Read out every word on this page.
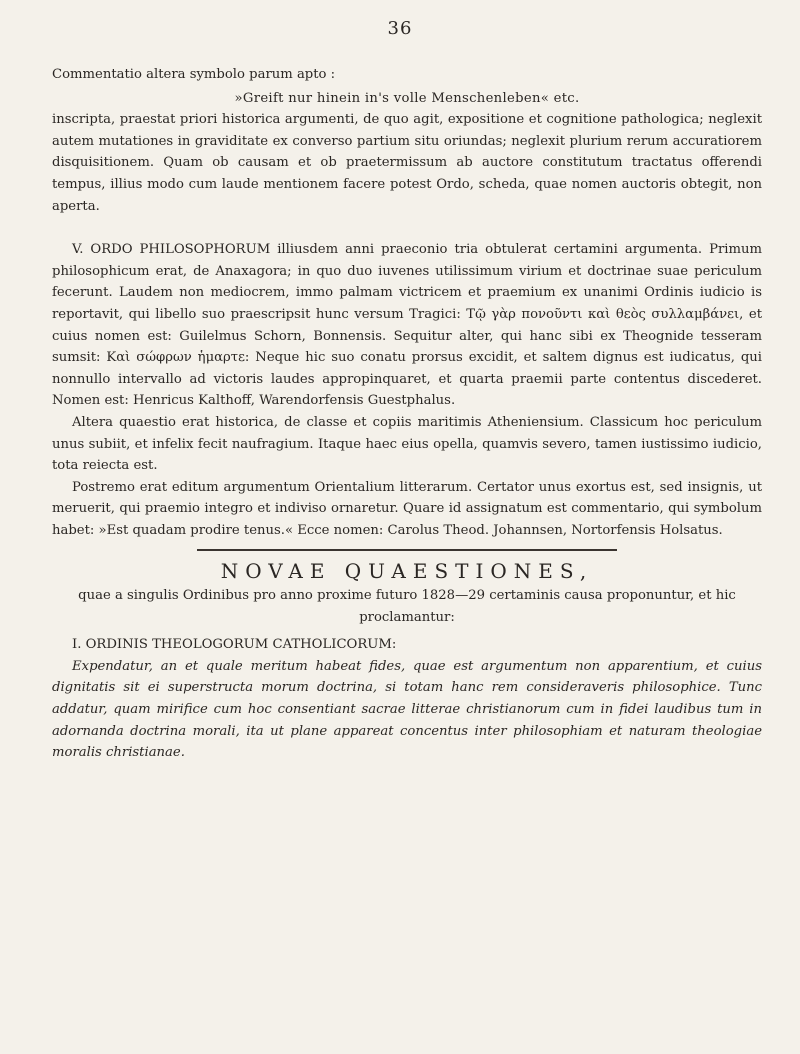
36

Commentatio altera symbolo parum apto :

»Greift nur hinein in's volle Menschenleben« etc.

inscripta, praestat priori historica argumenti, de quo agit, expositione et cognitione pathologica; neglexit autem mutationes in graviditate ex converso partium situ oriundas; neglexit plurium rerum accuratiorem disquisitionem. Quam ob causam et ob praetermissum ab auctore constitutum tractatus offerendi tempus, illius modo cum laude mentionem facere potest Ordo, scheda, quae nomen auctoris obtegit, non aperta.

V. ORDO PHILOSOPHORUM illiusdem anni praeconio tria obtulerat certamini argumenta. Primum philosophicum erat, de Anaxagora; in quo duo iuvenes utilissimum virium et doctrinae suae periculum fecerunt. Laudem non mediocrem, immo palmam victricem et praemium ex unanimi Ordinis iudicio is reportavit, qui libello suo praescripsit hunc versum Tragici: Τῷ γὰρ πονοῦντι καὶ θεὸς συλλαμβάνει, et cuius nomen est: Guilelmus Schorn, Bonnensis. Sequitur alter, qui hanc sibi ex Theognide tesseram sumsit: Καὶ σώφρων ἡμαρτε: Neque hic suo conatu prorsus excidit, et saltem dignus est iudicatus, qui nonnullo intervallo ad victoris laudes appropinquaret, et quarta praemii parte contentus discederet. Nomen est: Henricus Kalthoff, Warendorfensis Guestphalus.

Altera quaestio erat historica, de classe et copiis maritimis Atheniensium. Classicum hoc periculum unus subiit, et infelix fecit naufragium. Itaque haec eius opella, quamvis severo, tamen iustissimo iudicio, tota reiecta est.

Postremo erat editum argumentum Orientalium litterarum. Certator unus exortus est, sed insignis, ut meruerit, qui praemio integro et indiviso ornaretur. Quare id assignatum est commentario, qui symbolum habet: »Est quadam prodire tenus.« Ecce nomen: Carolus Theod. Johannsen, Nortorfensis Holsatus.

NOVAE QUAESTIONES,

quae a singulis Ordinibus pro anno proxime futuro 1828—29 certaminis causa proponuntur, et hic proclamantur:

I. ORDINIS THEOLOGORUM CATHOLICORUM:

Expendatur, an et quale meritum habeat fides, quae est argumentum non apparentium, et cuius dignitatis sit ei superstructa morum doctrina, si totam hanc rem consideraveris philosophice. Tunc addatur, quam mirifice cum hoc consentiant sacrae litterae christianorum cum in fidei laudibus tum in adornanda doctrina morali, ita ut plane appareat concentus inter philosophiam et naturam theologiae moralis christianae.
